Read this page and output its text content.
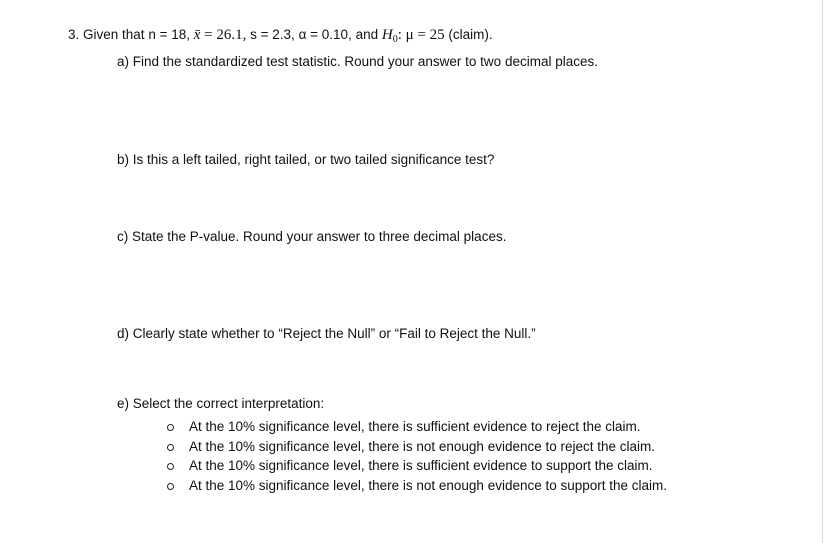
3. Given that n = 18, x̄ = 26.1, s = 2.3, α = 0.10, and $H_0$: μ = 25 (claim).
a) Find the standardized test statistic. Round your answer to two decimal places.
b) Is this a left tailed, right tailed, or two tailed significance test?
c) State the P-value. Round your answer to three decimal places.
d) Clearly state whether to “Reject the Null” or “Fail to Reject the Null.”
e) Select the correct interpretation:
At the 10% significance level, there is sufficient evidence to reject the claim.
At the 10% significance level, there is not enough evidence to reject the claim.
At the 10% significance level, there is sufficient evidence to support the claim.
At the 10% significance level, there is not enough evidence to support the claim.
